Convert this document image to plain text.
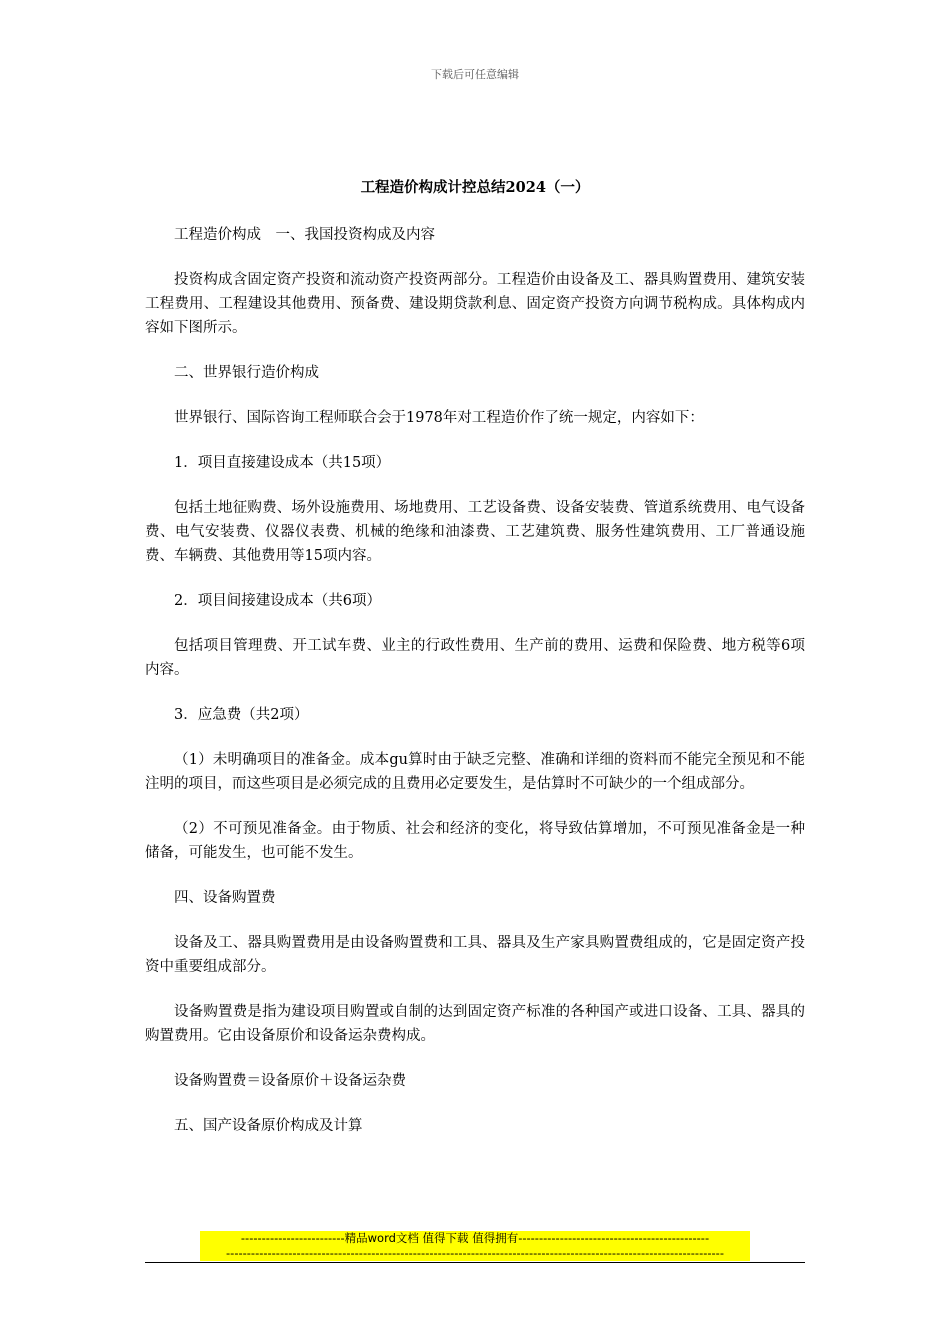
下载后可任意编辑
工程造价构成计控总结2024（一）

工程造价构成　一、我国投资构成及内容

投资构成含固定资产投资和流动资产投资两部分。工程造价由设备及工、器具购置费用、建筑安装工程费用、工程建设其他费用、预备费、建设期贷款利息、固定资产投资方向调节税构成。具体构成内容如下图所示。

二、世界银行造价构成

世界银行、国际咨询工程师联合会于1978年对工程造价作了统一规定，内容如下：

1．项目直接建设成本（共15项）

包括土地征购费、场外设施费用、场地费用、工艺设备费、设备安装费、管道系统费用、电气设备费、电气安装费、仪器仪表费、机械的绝缘和油漆费、工艺建筑费、服务性建筑费用、工厂普通设施费、车辆费、其他费用等15项内容。

2．项目间接建设成本（共6项）

包括项目管理费、开工试车费、业主的行政性费用、生产前的费用、运费和保险费、地方税等6项内容。

3．应急费（共2项）

（1）未明确项目的准备金。成本gu算时由于缺乏完整、准确和详细的资料而不能完全预见和不能注明的项目，而这些项目是必须完成的且费用必定要发生，是估算时不可缺少的一个组成部分。

（2）不可预见准备金。由于物质、社会和经济的变化，将导致估算增加，不可预见准备金是一种储备，可能发生，也可能不发生。

四、设备购置费

设备及工、器具购置费用是由设备购置费和工具、器具及生产家具购置费组成的，它是固定资产投资中重要组成部分。

设备购置费是指为建设项目购置或自制的达到固定资产标准的各种国产或进口设备、工具、器具的购置费用。它由设备原价和设备运杂费构成。

设备购置费＝设备原价＋设备运杂费

五、国产设备原价构成及计算

-------------------------精品word文档 值得下载 值得拥有----------------------------------------------
------------------------------------------------------------------------------------------------------------------------
